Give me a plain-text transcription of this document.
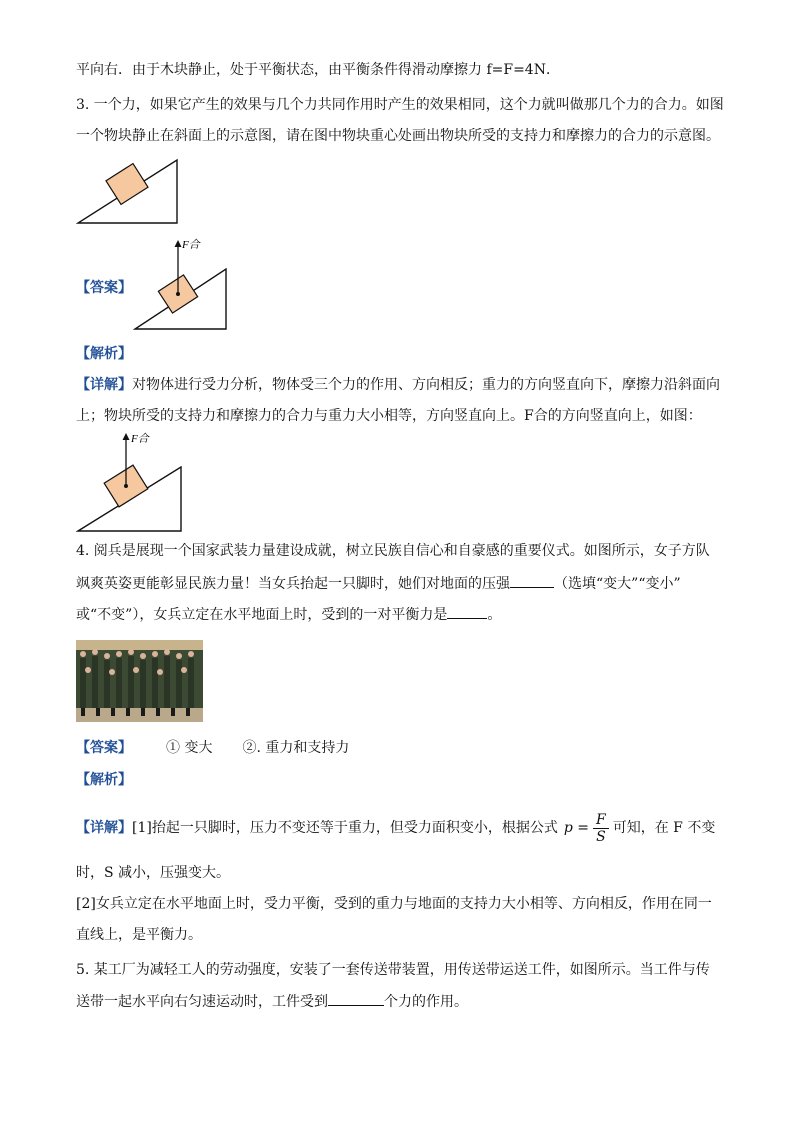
平向右．由于木块静止，处于平衡状态，由平衡条件得滑动摩擦力 f=F=4N．
3. 一个力，如果它产生的效果与几个力共同作用时产生的效果相同，这个力就叫做那几个力的合力。如图
一个物块静止在斜面上的示意图，请在图中物块重心处画出物块所受的支持力和摩擦力的合力的示意图。
【答案】
F合
【解析】
【详解】对物体进行受力分析，物体受三个力的作用、方向相反；重力的方向竖直向下，摩擦力沿斜面向
上；物块所受的支持力和摩擦力的合力与重力大小相等，方向竖直向上。F合的方向竖直向上，如图：
F合
4. 阅兵是展现一个国家武装力量建设成就，树立民族自信心和自豪感的重要仪式。如图所示，女子方队
飒爽英姿更能彰显民族力量！当女兵抬起一只脚时，她们对地面的压强	（选填“变大”“变小”
或“不变”），女兵立定在水平地面上时，受到的一对平衡力是	。
【答案】 ① 变大 ②. 重力和支持力
【解析】
【详解】[1]抬起一只脚时，压力不变还等于重力，但受力面积变小，根据公式 $p = \frac{F}{S}$ 可知，在 F 不变
时，S 减小，压强变大。
[2]女兵立定在水平地面上时，受力平衡，受到的重力与地面的支持力大小相等、方向相反，作用在同一
直线上，是平衡力。
5. 某工厂为减轻工人的劳动强度，安装了一套传送带装置，用传送带运送工件，如图所示。当工件与传
送带一起水平向右匀速运动时，工件受到	个力的作用。
